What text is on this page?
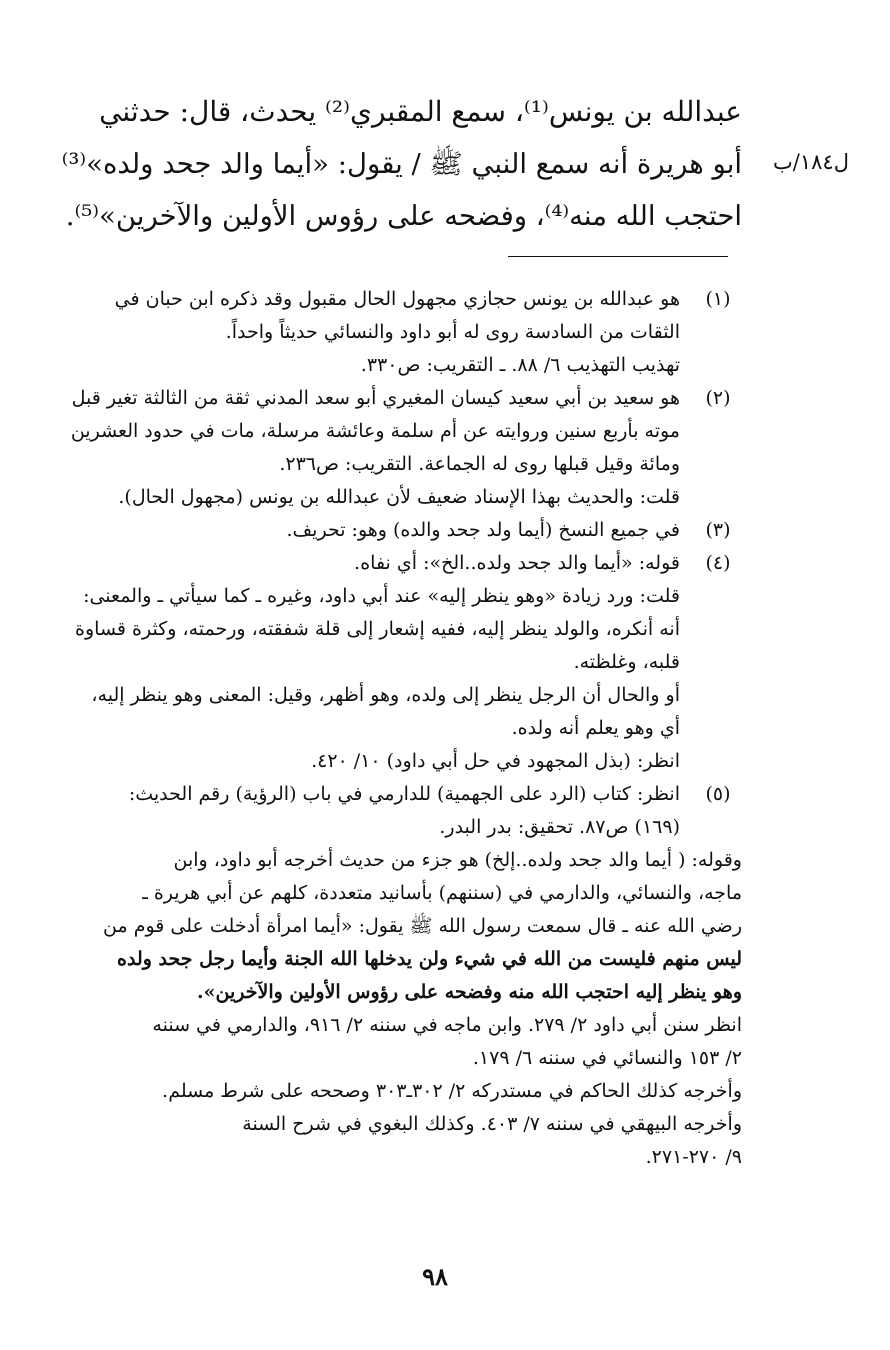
ل١٨٤/ب
عبدالله بن يونس⁽¹⁾، سمع المقبري⁽²⁾ يحدث، قال: حدثني
أبو هريرة أنه سمع النبي ﷺ / يقول: «أيما والد جحد ولده»⁽³⁾
احتجب الله منه⁽⁴⁾، وفضحه على رؤوس الأولين والآخرين»⁽⁵⁾.
(١)
هو عبدالله بن يونس حجازي مجهول الحال مقبول وقد ذكره ابن حبان في
الثقات من السادسة روى له أبو داود والنسائي حديثاً واحداً.
تهذيب التهذيب ٦/ ٨٨. ـ التقريب: ص٣٣٠.
(٢)
هو سعيد بن أبي سعيد كيسان المغيري أبو سعد المدني ثقة من الثالثة تغير قبل
موته بأربع سنين وروايته عن أم سلمة وعائشة مرسلة، مات في حدود العشرين
ومائة وقيل قبلها روى له الجماعة. التقريب: ص٢٣٦.
قلت: والحديث بهذا الإسناد ضعيف لأن عبدالله بن يونس (مجهول الحال).
(٣)
في جميع النسخ (أيما ولد جحد والده) وهو: تحريف.
(٤)
قوله: «أيما والد جحد ولده..الخ»: أي نفاه.
قلت: ورد زيادة «وهو ينظر إليه» عند أبي داود، وغيره ـ كما سيأتي ـ والمعنى:
أنه أنكره، والولد ينظر إليه، ففيه إشعار إلى قلة شفقته، ورحمته، وكثرة قساوة
قلبه، وغلظته.
أو والحال أن الرجل ينظر إلى ولده، وهو أظهر، وقيل: المعنى وهو ينظر إليه،
أي وهو يعلم أنه ولده.
انظر: (بذل المجهود في حل أبي داود) ١٠/ ٤٢٠.
(٥)
انظر: كتاب (الرد على الجهمية) للدارمي في باب (الرؤية) رقم الحديث:
(١٦٩) ص٨٧. تحقيق: بدر البدر.
وقوله: ( أيما والد جحد ولده..إلخ) هو جزء من حديث أخرجه أبو داود، وابن
ماجه، والنسائي، والدارمي في (سننهم) بأسانيد متعددة، كلهم عن أبي هريرة ـ
رضي الله عنه ـ قال سمعت رسول الله ﷺ يقول: «أيما امرأة أدخلت على قوم من
ليس منهم فليست من الله في شيء ولن يدخلها الله الجنة وأيما رجل جحد ولده
وهو ينظر إليه احتجب الله منه وفضحه على رؤوس الأولين والآخرين».
انظر سنن أبي داود ٢/ ٢٧٩. وابن ماجه في سننه ٢/ ٩١٦، والدارمي في سننه
٢/ ١٥٣ والنسائي في سننه ٦/ ١٧٩.
وأخرجه كذلك الحاكم في مستدركه ٢/ ٣٠٢ـ٣٠٣ وصححه على شرط مسلم.
وأخرجه البيهقي في سننه ٧/ ٤٠٣. وكذلك البغوي في شرح السنة
٩/ ٢٧٠-٢٧١.
٩٨
